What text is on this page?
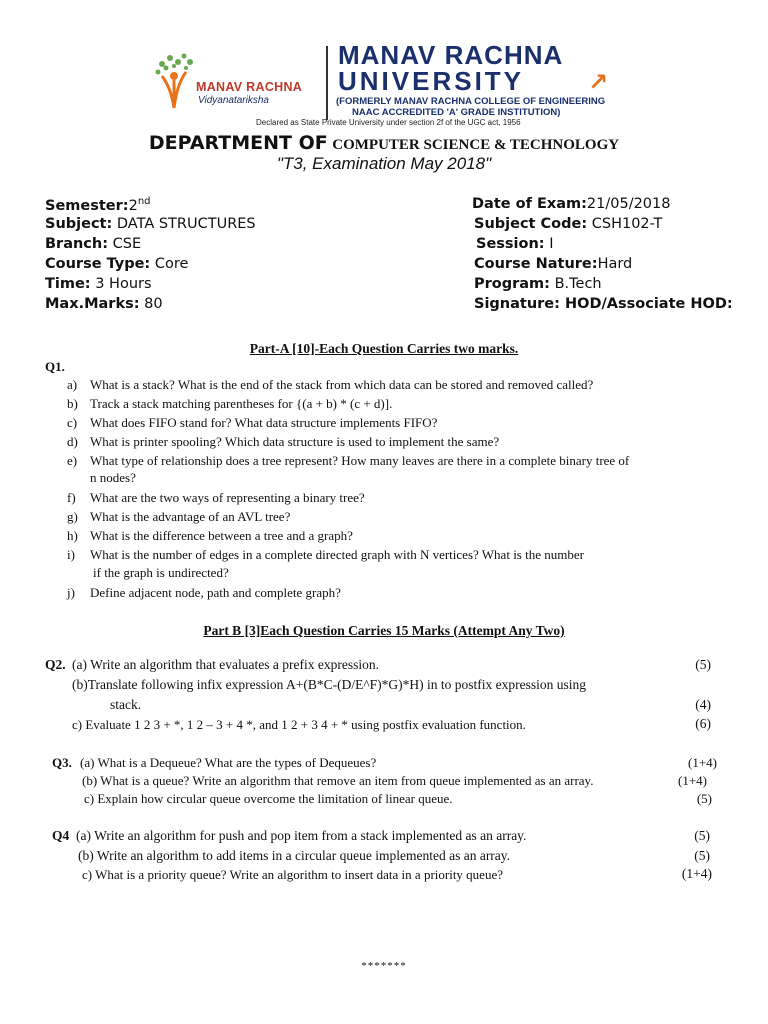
MANAV RACHNA
Vidyanatariksha
MANAV RACHNA
UNIVERSITY	↗
(FORMERLY MANAV RACHNA COLLEGE OF ENGINEERING
NAAC ACCREDITED 'A' GRADE INSTITUTION)
Declared as State Private University under section 2f of the UGC act, 1956
DEPARTMENT OF COMPUTER SCIENCE & TECHNOLOGY
"T3, Examination May 2018"
Semester:2nd
Subject: DATA STRUCTURES
Branch: CSE
Course Type: Core
Time: 3 Hours
Max.Marks: 80
Date of Exam:21/05/2018
Subject Code: CSH102-T
Session: I
Course Nature:Hard
Program: B.Tech
Signature: HOD/Associate HOD:
Part-A [10]-Each Question Carries two marks.
Q1.
a) What is a stack? What is the end of the stack from which data can be stored and removed called?
b) Track a stack matching parentheses for {(a + b) * (c + d)].
c) What does FIFO stand for? What data structure implements FIFO?
d) What is printer spooling? Which data structure is used to implement the same?
e) What type of relationship does a tree represent? How many leaves are there in a complete binary tree of
n nodes?
f) What are the two ways of representing a binary tree?
g) What is the advantage of an AVL tree?
h) What is the difference between a tree and a graph?
i) What is the number of edges in a complete directed graph with N vertices? What is the number
if the graph is undirected?
j) Define adjacent node, path and complete graph?
Part B [3]Each Question Carries 15 Marks (Attempt Any Two)
Q2. (a) Write an algorithm that evaluates a prefix expression.	(5)
(b)Translate following infix expression A+(B*C-(D/E^F)*G)*H) in to postfix expression using
stack.	(4)
c) Evaluate 1 2 3 + *, 1 2 – 3 + 4 *, and 1 2 + 3 4 + * using postfix evaluation function.	(6)
Q3. (a) What is a Dequeue? What are the types of Dequeues?	(1+4)
(b) What is a queue? Write an algorithm that remove an item from queue implemented as an array.	(1+4)
c) Explain how circular queue overcome the limitation of linear queue.	(5)
Q4 (a) Write an algorithm for push and pop item from a stack implemented as an array.	(5)
(b) Write an algorithm to add items in a circular queue implemented as an array.	(5)
c) What is a priority queue? Write an algorithm to insert data in a priority queue?	(1+4)
*******
